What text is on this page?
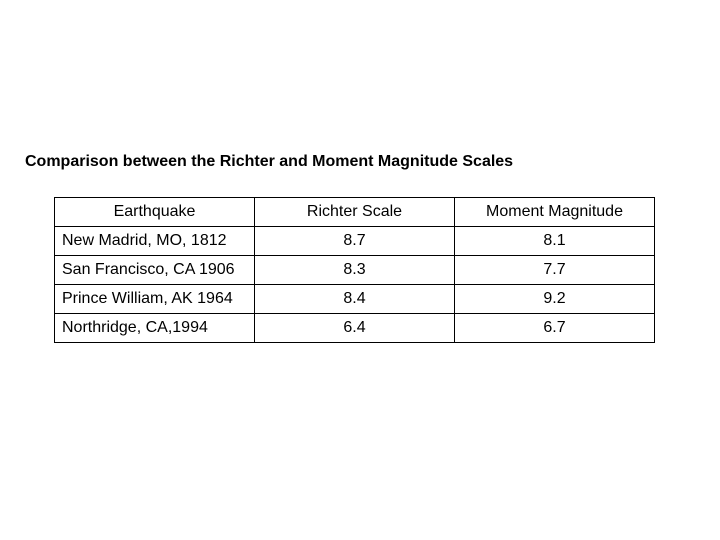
Comparison between the Richter and Moment Magnitude Scales
Earthquake	Richter Scale	Moment Magnitude
New Madrid, MO, 1812	8.7	8.1
San Francisco, CA 1906	8.3	7.7
Prince William, AK 1964	8.4	9.2
Northridge, CA,1994	6.4	6.7
